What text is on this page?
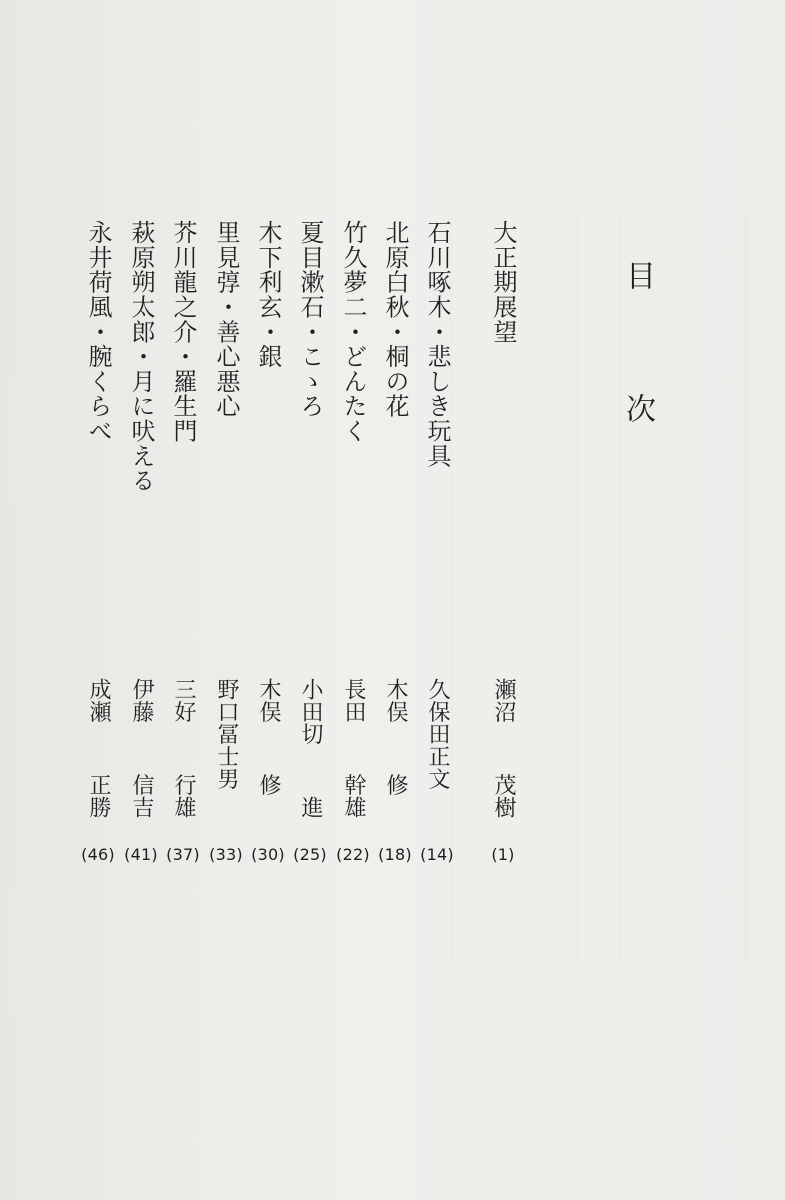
目 次
大正期展望
瀬沼  茂樹
(1)
石川啄木・悲しき玩具
久保田正文
(14)
北原白秋・桐の花
木俣  修
(18)
竹久夢二・どんたく
長田  幹雄
(22)
夏目漱石・こゝろ
小田切  進
(25)
木下利玄・銀
木俣  修
(30)
里見弴・善心悪心
野口冨士男
(33)
芥川龍之介・羅生門
三好  行雄
(37)
萩原朔太郎・月に吠える
伊藤  信吉
(41)
永井荷風・腕くらべ
成瀬  正勝
(46)
